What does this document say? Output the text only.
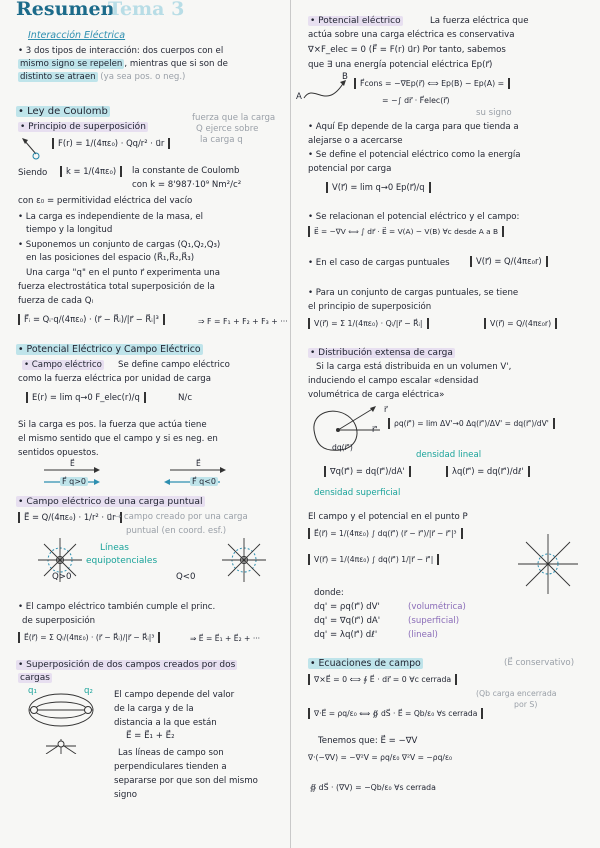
Resumen
Tema 3
Interacción Eléctrica
• 3 dos tipos de interacción: dos cuerpos con el
mismo signo se repelen , mientras que si son de
distinto se atraen (ya sea pos. o neg.)
• Ley de Coulomb
• Principio de superposición
fuerza que la carga
Q ejerce sobre
la carga q
F(r) = 1/(4πε₀) · Qq/r² · u⃗r
Siendo	k = 1/(4πε₀)	la constante de Coulomb
con k = 8'987·10⁹ Nm²/c²
con ε₀ = permitividad eléctrica del vacío
• La carga es independiente de la masa, el
tiempo y la longitud
• Suponemos un conjunto de cargas (Q₁,Q₂,Q₃)
en las posiciones del espacio (R⃗₁,R⃗₂,R⃗₃)
Una carga "q" en el punto r⃗ experimenta una
fuerza electrostática total superposición de la
fuerza de cada Qᵢ
F⃗ᵢ = Qᵢ·q/(4πε₀) · (r⃗ − R⃗ᵢ)/|r⃗ − R⃗ᵢ|³	⇒ F = F₁ + F₂ + F₃ + ···
• Potencial Eléctrico y Campo Eléctrico
• Campo eléctrico Se define campo eléctrico
como la fuerza eléctrica por unidad de carga
E(r) = lim q→0 F_elec(r)/q	N/c
Si la carga es pos. la fuerza que actúa tiene
el mismo sentido que el campo y si es neg. en
sentidos opuestos.
E⃗	E⃗
F⃗ q>0	F⃗ q<0
• Campo eléctrico de una carga puntual
E⃗ = Q/(4πε₀) · 1/r² · u⃗r
→ campo creado por una carga
puntual (en coord. esf.)
Líneas
equipotenciales
Q>0	Q<0
• El campo eléctrico también cumple el princ.
de superposición
E⃗(r⃗) = Σ Qᵢ/(4πε₀) · (r⃗ − R⃗ᵢ)/|r⃗ − R⃗ᵢ|³	⇒ E⃗ = E⃗₁ + E⃗₂ + ···
• Superposición de dos campos creados por dos
cargas
q₁	q₂ El campo depende del valor
de la carga y de la
distancia a la que están
E⃗ = E⃗₁ + E⃗₂
Las líneas de campo son
perpendiculares tienden a
separarse por que son del mismo
signo
• Potencial eléctrico	La fuerza eléctrica que
actúa sobre una carga eléctrica es conservativa
∇×F_elec = 0 (F⃗ = F(r) u⃗r) Por tanto, sabemos
que ∃ una energía potencial eléctrica Ep(r⃗)
A
B
F⃗cons = −∇Ep(r⃗) ⟺ Ep(B) − Ep(A) =
= −∫ dr⃗ · F⃗elec(r⃗)
su signo
• Aquí Ep depende de la carga para que tienda a
alejarse o a acercarse
• Se define el potencial eléctrico como la energía
potencial por carga
V(r⃗) = lim q→0 Ep(r⃗)/q
• Se relacionan el potencial eléctrico y el campo:
E⃗ = −∇V ⟺ ∫ dr⃗ · E⃗ = V(A) − V(B) ∀c desde A a B
• En el caso de cargas puntuales	V(r⃗) = Q/(4πε₀r)
• Para un conjunto de cargas puntuales, se tiene
el principio de superposición
V(r⃗) = Σ 1/(4πε₀) · Qᵢ/|r⃗ − R⃗ᵢ|	V(r⃗) = Q/(4πε₀r)
• Distribución extensa de carga
Si la carga está distribuida en un volumen V',
induciendo el campo escalar «densidad
volumétrica de carga eléctrica»
r⃗
r⃗'
dq(r⃗')
ρq(r⃗') = lim ΔV'→0 Δq(r⃗')/ΔV' = dq(r⃗')/dV'
densidad lineal
∇q(r⃗') = dq(r⃗')/dA'	λq(r⃗') = dq(r⃗')/dℓ'
densidad superficial
El campo y el potencial en el punto P
E⃗(r⃗) = 1/(4πε₀) ∫ dq(r⃗') (r⃗ − r⃗')/|r⃗ − r⃗'|³
V(r⃗) = 1/(4πε₀) ∫ dq(r⃗') 1/|r⃗ − r⃗'|
donde:
dq' = ρq(r⃗') dV'	(volumétrica)
dq' = ∇q(r⃗') dA'	(superficial)
dq' = λq(r⃗') dℓ'	(lineal)
• Ecuaciones de campo	(E⃗ conservativo)
∇×E⃗ = 0 ⟺ ∮ E⃗ · dr⃗ = 0 ∀c cerrada
(Qb carga encerrada
por S)
∇·E⃗ = ρq/ε₀ ⟺ ∯ dS⃗ · E⃗ = Qb/ε₀ ∀s cerrada
Tenemos que: E⃗ = −∇V
∇·(−∇V) = −∇²V = ρq/ε₀ ∇²V = −ρq/ε₀
∯ dS⃗ · (∇V) = −Qb/ε₀ ∀s cerrada
